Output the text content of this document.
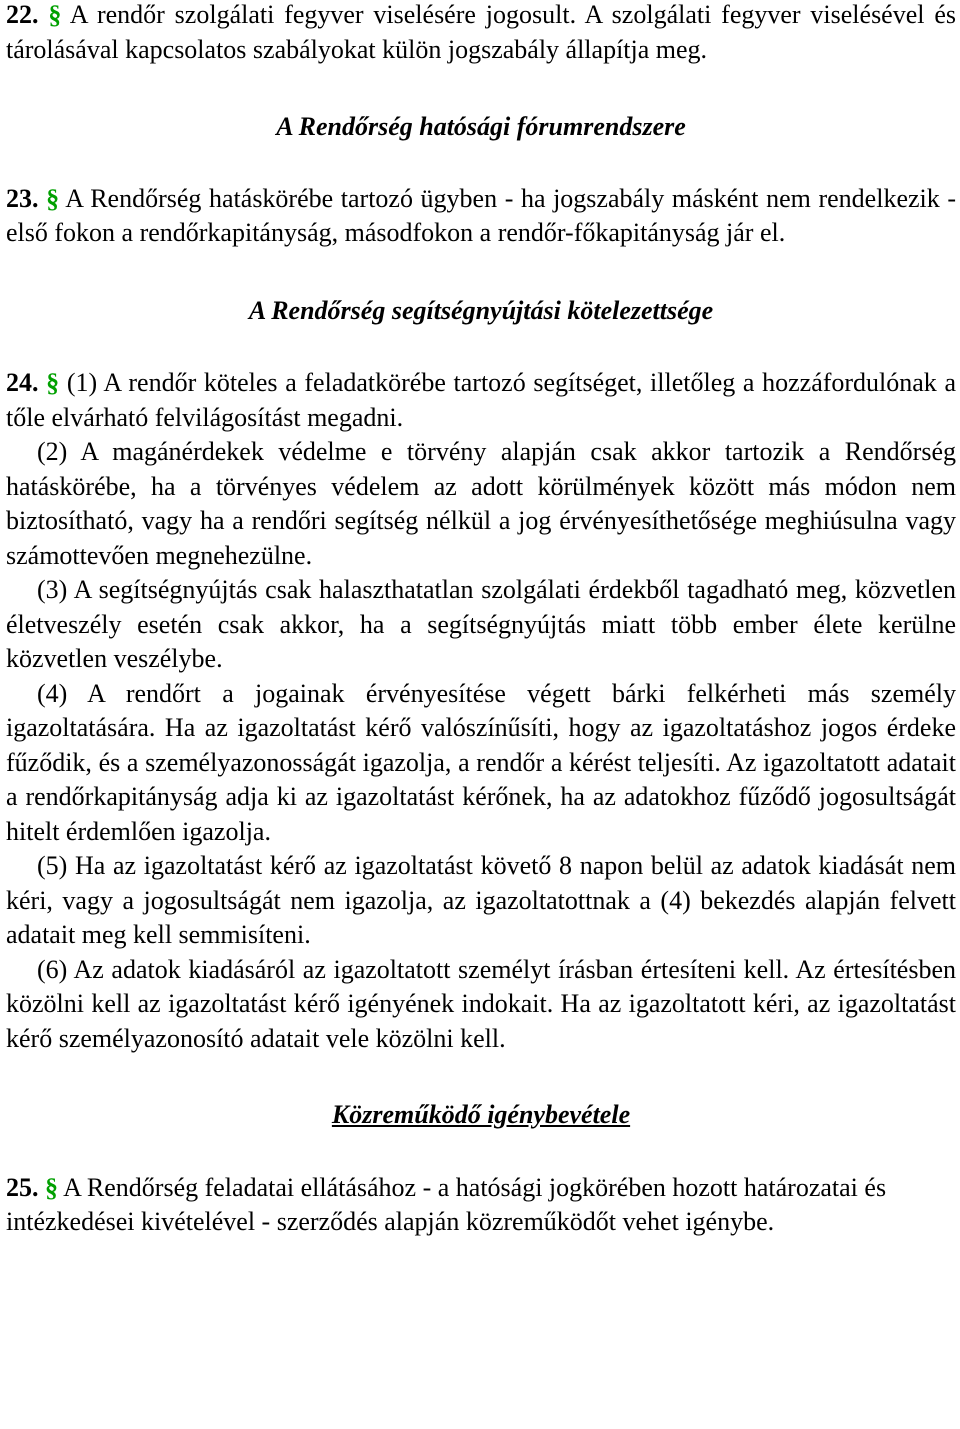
22. § A rendőr szolgálati fegyver viselésére jogosult. A szolgálati fegyver viselésével és tárolásával kapcsolatos szabályokat külön jogszabály állapítja meg.

A Rendőrség hatósági fórumrendszere

23. § A Rendőrség hatáskörébe tartozó ügyben - ha jogszabály másként nem rendelkezik - első fokon a rendőrkapitányság, másodfokon a rendőr-főkapitányság jár el.

A Rendőrség segítségnyújtási kötelezettsége

24. § (1) A rendőr köteles a feladatkörébe tartozó segítséget, illetőleg a hozzáfordulónak a tőle elvárható felvilágosítást megadni.

(2) A magánérdekek védelme e törvény alapján csak akkor tartozik a Rendőrség hatáskörébe, ha a törvényes védelem az adott körülmények között más módon nem biztosítható, vagy ha a rendőri segítség nélkül a jog érvényesíthetősége meghiúsulna vagy számottevően megnehezülne.

(3) A segítségnyújtás csak halaszthatatlan szolgálati érdekből tagadható meg, közvetlen életveszély esetén csak akkor, ha a segítségnyújtás miatt több ember élete kerülne közvetlen veszélybe.

(4) A rendőrt a jogainak érvényesítése végett bárki felkérheti más személy igazoltatására. Ha az igazoltatást kérő valószínűsíti, hogy az igazoltatáshoz jogos érdeke fűződik, és a személyazonosságát igazolja, a rendőr a kérést teljesíti. Az igazoltatott adatait a rendőrkapitányság adja ki az igazoltatást kérőnek, ha az adatokhoz fűződő jogosultságát hitelt érdemlően igazolja.

(5) Ha az igazoltatást kérő az igazoltatást követő 8 napon belül az adatok kiadását nem kéri, vagy a jogosultságát nem igazolja, az igazoltatottnak a (4) bekezdés alapján felvett adatait meg kell semmisíteni.

(6) Az adatok kiadásáról az igazoltatott személyt írásban értesíteni kell. Az értesítésben közölni kell az igazoltatást kérő igényének indokait. Ha az igazoltatott kéri, az igazoltatást kérő személyazonosító adatait vele közölni kell.

Közreműködő igénybevétele

25. § A Rendőrség feladatai ellátásához - a hatósági jogkörében hozott határozatai és intézkedései kivételével - szerződés alapján közreműködőt vehet igénybe.
